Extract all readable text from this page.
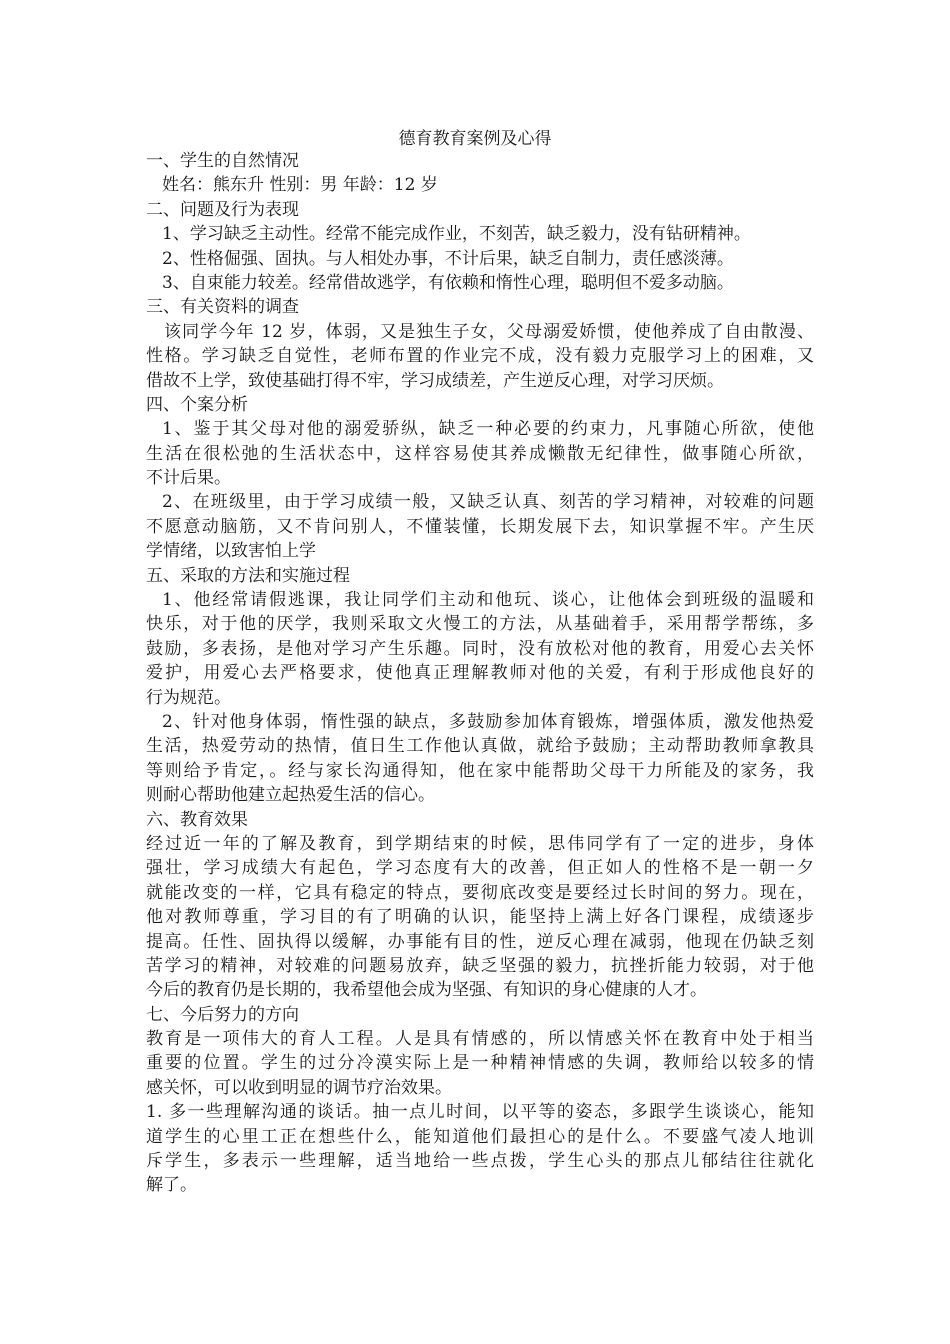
德育教育案例及心得
一、学生的自然情况
姓名：熊东升 性别：男 年龄：12 岁
二、问题及行为表现
1、学习缺乏主动性。经常不能完成作业，不刻苦，缺乏毅力，没有钻研精神。
2、性格倔强、固执。与人相处办事，不计后果，缺乏自制力，责任感淡薄。
3、自束能力较差。经常借故逃学，有依赖和惰性心理，聪明但不爱多动脑。
三、有关资料的调查
该同学今年 12 岁，体弱，又是独生子女，父母溺爱娇惯，使他养成了自由散漫、
性格。学习缺乏自觉性，老师布置的作业完不成，没有毅力克服学习上的困难，又
借故不上学，致使基础打得不牢，学习成绩差，产生逆反心理，对学习厌烦。
四、个案分析
1、鉴于其父母对他的溺爱骄纵，缺乏一种必要的约束力，凡事随心所欲，使他
生活在很松弛的生活状态中，这样容易使其养成懒散无纪律性，做事随心所欲，
不计后果。
2、在班级里，由于学习成绩一般，又缺乏认真、刻苦的学习精神，对较难的问题
不愿意动脑筋，又不肯问别人，不懂装懂，长期发展下去，知识掌握不牢。产生厌
学情绪，以致害怕上学
五、采取的方法和实施过程
1、他经常请假逃课，我让同学们主动和他玩、谈心，让他体会到班级的温暖和
快乐，对于他的厌学，我则采取文火慢工的方法，从基础着手，采用帮学帮练，多
鼓励，多表扬，是他对学习产生乐趣。同时，没有放松对他的教育，用爱心去关怀
爱护，用爱心去严格要求，使他真正理解教师对他的关爱，有利于形成他良好的
行为规范。
2、针对他身体弱，惰性强的缺点，多鼓励参加体育锻炼，增强体质，激发他热爱
生活，热爱劳动的热情，值日生工作他认真做，就给予鼓励；主动帮助教师拿教具
等则给予肯定，。经与家长沟通得知，他在家中能帮助父母干力所能及的家务，我
则耐心帮助他建立起热爱生活的信心。
六、教育效果
经过近一年的了解及教育，到学期结束的时候，思伟同学有了一定的进步，身体
强壮，学习成绩大有起色，学习态度有大的改善，但正如人的性格不是一朝一夕
就能改变的一样，它具有稳定的特点，要彻底改变是要经过长时间的努力。现在，
他对教师尊重，学习目的有了明确的认识，能坚持上满上好各门课程，成绩逐步
提高。任性、固执得以缓解，办事能有目的性，逆反心理在减弱，他现在仍缺乏刻
苦学习的精神，对较难的问题易放弃，缺乏坚强的毅力，抗挫折能力较弱，对于他
今后的教育仍是长期的，我希望他会成为坚强、有知识的身心健康的人才。
七、今后努力的方向
教育是一项伟大的育人工程。人是具有情感的，所以情感关怀在教育中处于相当
重要的位置。学生的过分冷漠实际上是一种精神情感的失调，教师给以较多的情
感关怀，可以收到明显的调节疗治效果。
1. 多一些理解沟通的谈话。抽一点儿时间，以平等的姿态，多跟学生谈谈心，能知
道学生的心里工正在想些什么，能知道他们最担心的是什么。不要盛气凌人地训
斥学生，多表示一些理解，适当地给一些点拨，学生心头的那点儿郁结往往就化
解了。
